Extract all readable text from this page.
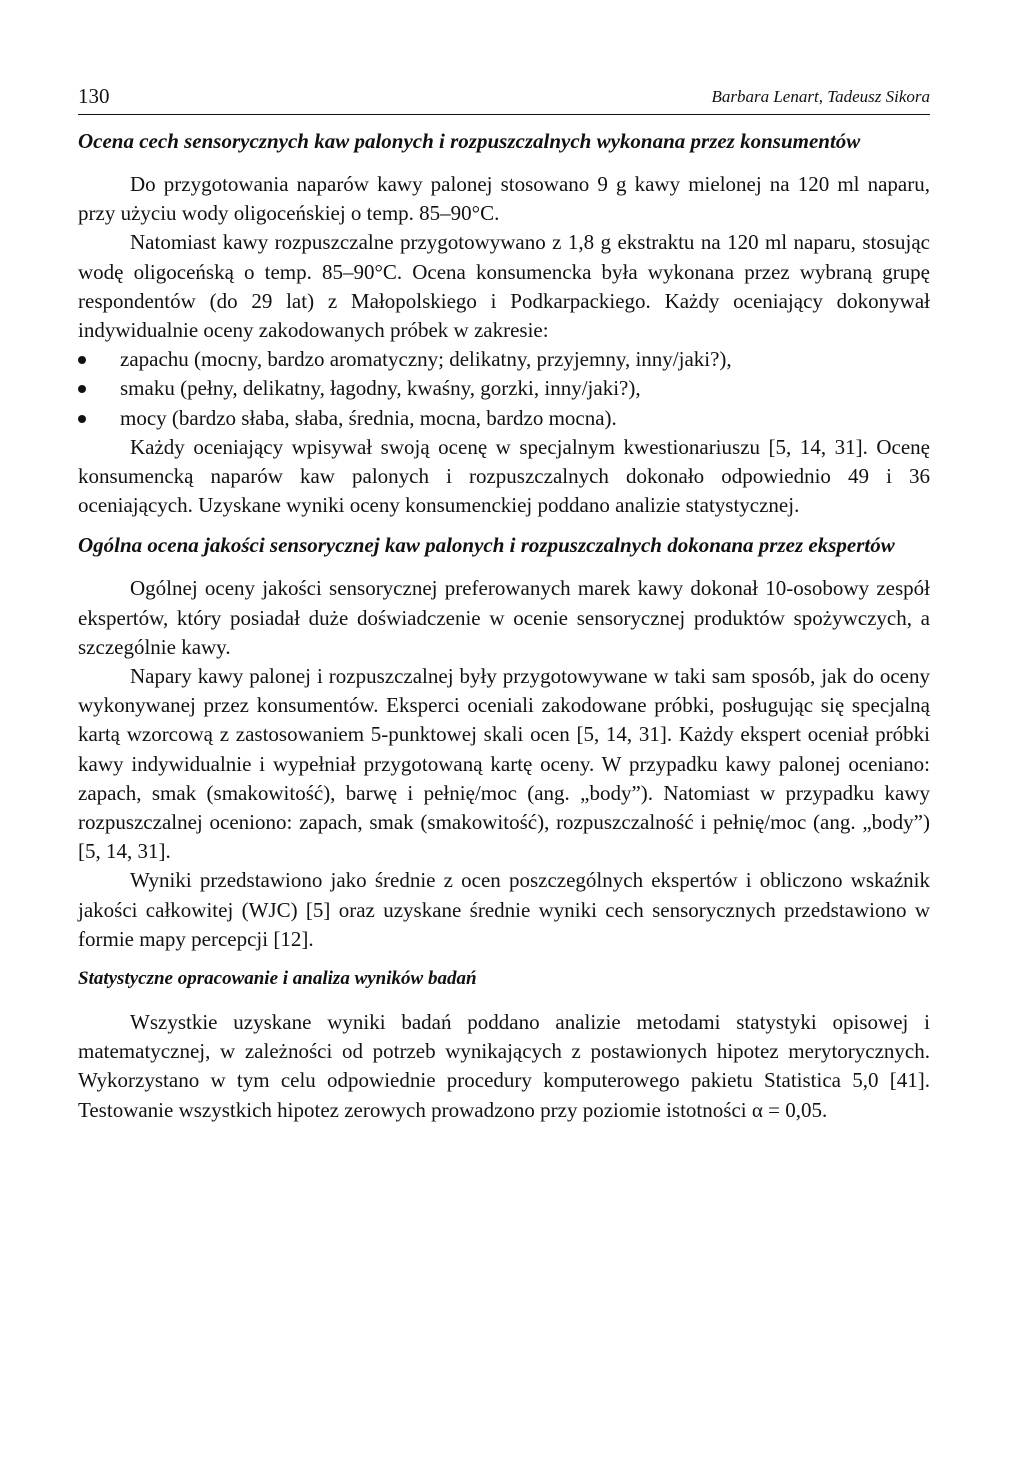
130	Barbara Lenart, Tadeusz Sikora
Ocena cech sensorycznych kaw palonych i rozpuszczalnych wykonana przez konsumentów

Do przygotowania naparów kawy palonej stosowano 9 g kawy mielonej na 120 ml naparu, przy użyciu wody oligoceńskiej o temp. 85–90°C.

Natomiast kawy rozpuszczalne przygotowywano z 1,8 g ekstraktu na 120 ml naparu, stosując wodę oligoceńską o temp. 85–90°C. Ocena konsumencka była wykonana przez wybraną grupę respondentów (do 29 lat) z Małopolskiego i Podkarpackiego. Każdy oceniający dokonywał indywidualnie oceny zakodowanych próbek w zakresie:

zapachu (mocny, bardzo aromatyczny; delikatny, przyjemny, inny/jaki?),
smaku (pełny, delikatny, łagodny, kwaśny, gorzki, inny/jaki?),
mocy (bardzo słaba, słaba, średnia, mocna, bardzo mocna).

Każdy oceniający wpisywał swoją ocenę w specjalnym kwestionariuszu [5, 14, 31]. Ocenę konsumencką naparów kaw palonych i rozpuszczalnych dokonało odpowiednio 49 i 36 oceniających. Uzyskane wyniki oceny konsumenckiej poddano analizie statystycznej.

Ogólna ocena jakości sensorycznej kaw palonych i rozpuszczalnych dokonana przez ekspertów

Ogólnej oceny jakości sensorycznej preferowanych marek kawy dokonał 10-osobowy zespół ekspertów, który posiadał duże doświadczenie w ocenie sensorycznej produktów spożywczych, a szczególnie kawy.

Napary kawy palonej i rozpuszczalnej były przygotowywane w taki sam sposób, jak do oceny wykonywanej przez konsumentów. Eksperci oceniali zakodowane próbki, posługując się specjalną kartą wzorcową z zastosowaniem 5-punktowej skali ocen [5, 14, 31]. Każdy ekspert oceniał próbki kawy indywidualnie i wypełniał przygotowaną kartę oceny. W przypadku kawy palonej oceniano: zapach, smak (smakowitość), barwę i pełnię/moc (ang. „body”). Natomiast w przypadku kawy rozpuszczalnej oceniono: zapach, smak (smakowitość), rozpuszczalność i pełnię/moc (ang. „body”) [5, 14, 31].

Wyniki przedstawiono jako średnie z ocen poszczególnych ekspertów i obliczono wskaźnik jakości całkowitej (WJC) [5] oraz uzyskane średnie wyniki cech sensorycznych przedstawiono w formie mapy percepcji [12].

Statystyczne opracowanie i analiza wyników badań

Wszystkie uzyskane wyniki badań poddano analizie metodami statystyki opisowej i matematycznej, w zależności od potrzeb wynikających z postawionych hipotez merytorycznych. Wykorzystano w tym celu odpowiednie procedury komputerowego pakietu Statistica 5,0 [41]. Testowanie wszystkich hipotez zerowych prowadzono przy poziomie istotności α = 0,05.
